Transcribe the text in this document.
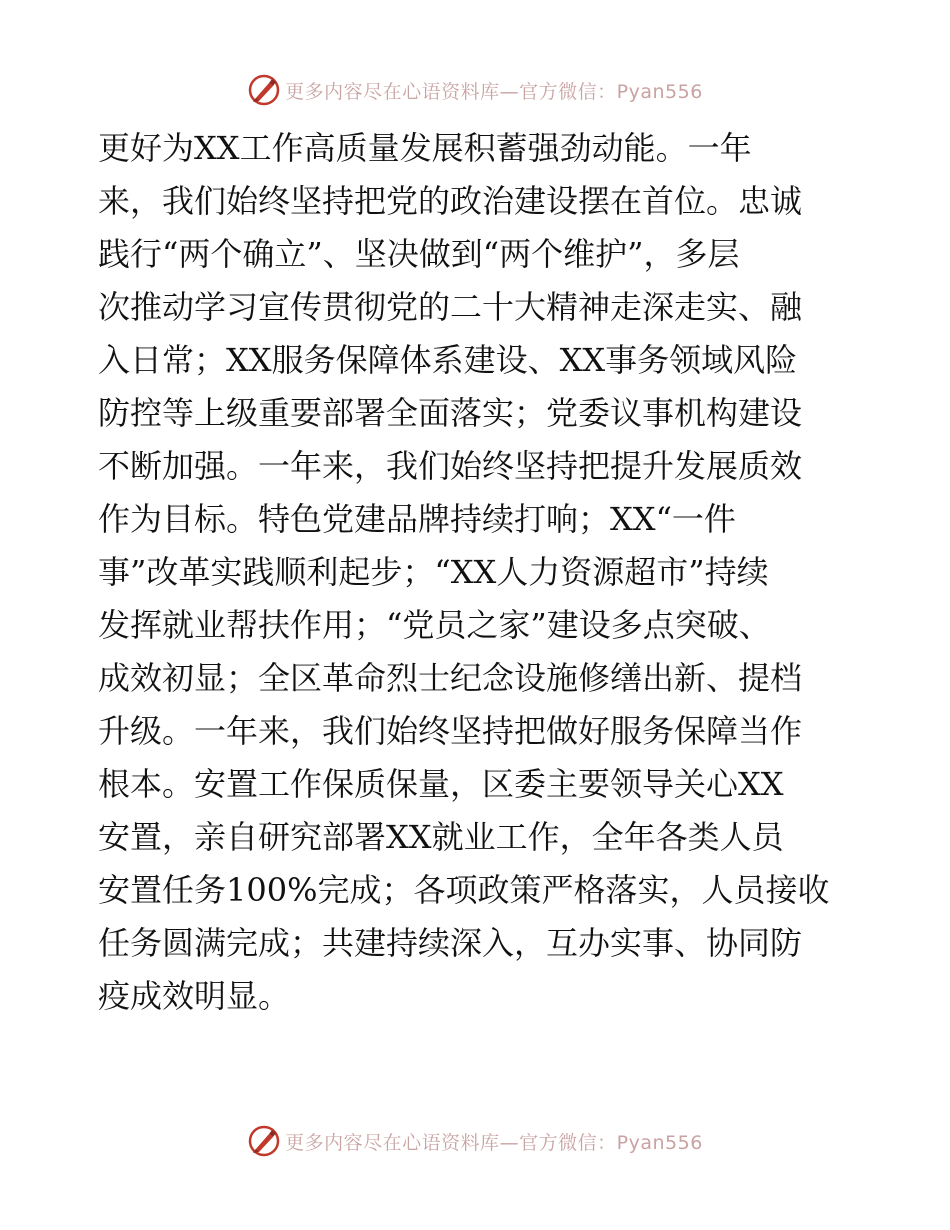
更多内容尽在心语资料库—官方微信：Pyan556
更好为XX工作高质量发展积蓄强劲动能。一年
来，我们始终坚持把党的政治建设摆在首位。忠诚
践行“两个确立”、坚决做到“两个维护”，多层
次推动学习宣传贯彻党的二十大精神走深走实、融
入日常；XX服务保障体系建设、XX事务领域风险
防控等上级重要部署全面落实；党委议事机构建设
不断加强。一年来，我们始终坚持把提升发展质效
作为目标。特色党建品牌持续打响；XX“一件
事”改革实践顺利起步；“XX人力资源超市”持续
发挥就业帮扶作用；“党员之家”建设多点突破、
成效初显；全区革命烈士纪念设施修缮出新、提档
升级。一年来，我们始终坚持把做好服务保障当作
根本。安置工作保质保量，区委主要领导关心XX
安置，亲自研究部署XX就业工作，全年各类人员
安置任务100%完成；各项政策严格落实，人员接收
任务圆满完成；共建持续深入，互办实事、协同防
疫成效明显。
更多内容尽在心语资料库—官方微信：Pyan556
